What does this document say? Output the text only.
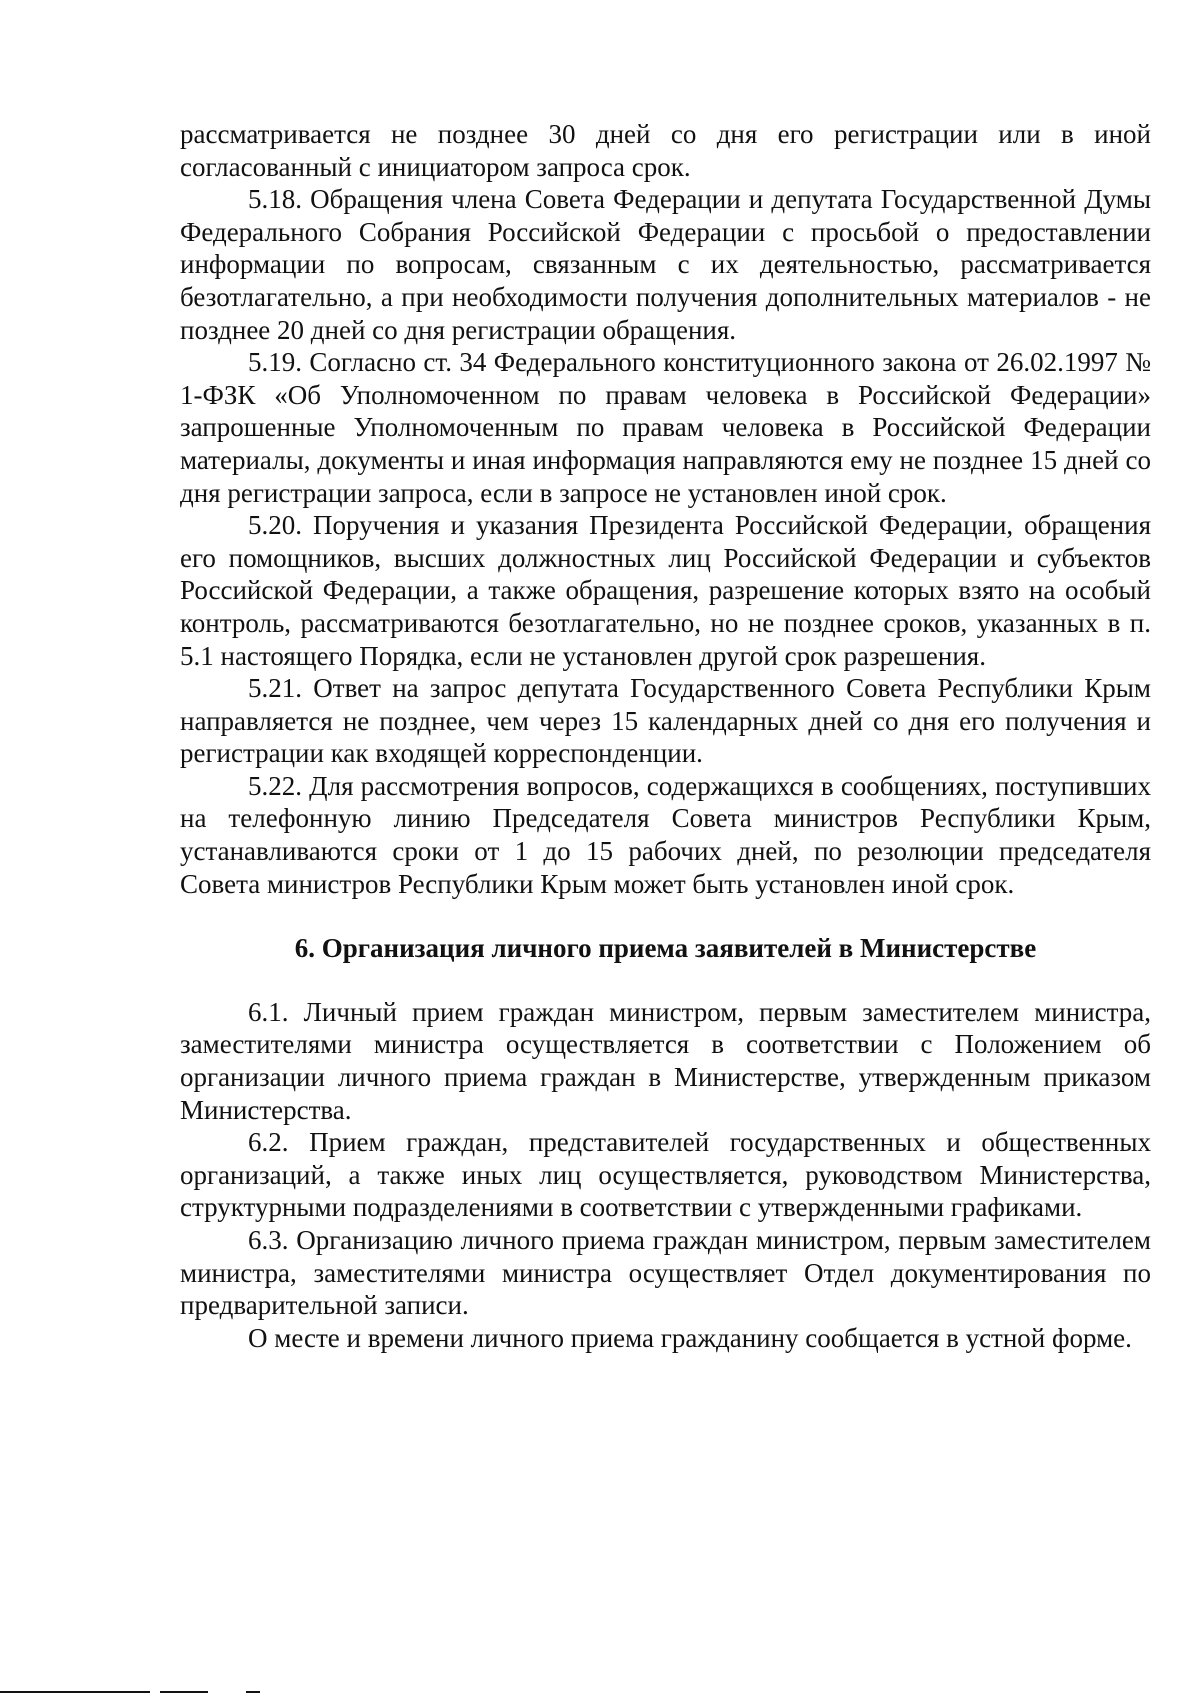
рассматривается не позднее 30 дней со дня его регистрации или в иной согласованный с инициатором запроса срок.

5.18. Обращения члена Совета Федерации и депутата Государственной Думы Федерального Собрания Российской Федерации с просьбой о предоставлении информации по вопросам, связанным с их деятельностью, рассматривается безотлагательно, а при необходимости получения дополнительных материалов - не позднее 20 дней со дня регистрации обращения.

5.19. Согласно ст. 34 Федерального конституционного закона от 26.02.1997 № 1-ФЗК «Об Уполномоченном по правам человека в Российской Федерации» запрошенные Уполномоченным по правам человека в Российской Федерации материалы, документы и иная информация направляются ему не позднее 15 дней со дня регистрации запроса, если в запросе не установлен иной срок.

5.20. Поручения и указания Президента Российской Федерации, обращения его помощников, высших должностных лиц Российской Федерации и субъектов Российской Федерации, а также обращения, разрешение которых взято на особый контроль, рассматриваются безотлагательно, но не позднее сроков, указанных в п. 5.1 настоящего Порядка, если не установлен другой срок разрешения.

5.21. Ответ на запрос депутата Государственного Совета Республики Крым направляется не позднее, чем через 15 календарных дней со дня его получения и регистрации как входящей корреспонденции.

5.22. Для рассмотрения вопросов, содержащихся в сообщениях, поступивших на телефонную линию Председателя Совета министров Республики Крым, устанавливаются сроки от 1 до 15 рабочих дней, по резолюции председателя Совета министров Республики Крым может быть установлен иной срок.

6. Организация личного приема заявителей в Министерстве

6.1. Личный прием граждан министром, первым заместителем министра, заместителями министра осуществляется в соответствии с Положением об организации личного приема граждан в Министерстве, утвержденным приказом Министерства.

6.2. Прием граждан, представителей государственных и общественных организаций, а также иных лиц осуществляется, руководством Министерства, структурными подразделениями в соответствии с утвержденными графиками.

6.3. Организацию личного приема граждан министром, первым заместителем министра, заместителями министра осуществляет Отдел документирования по предварительной записи.

О месте и времени личного приема гражданину сообщается в устной форме.
